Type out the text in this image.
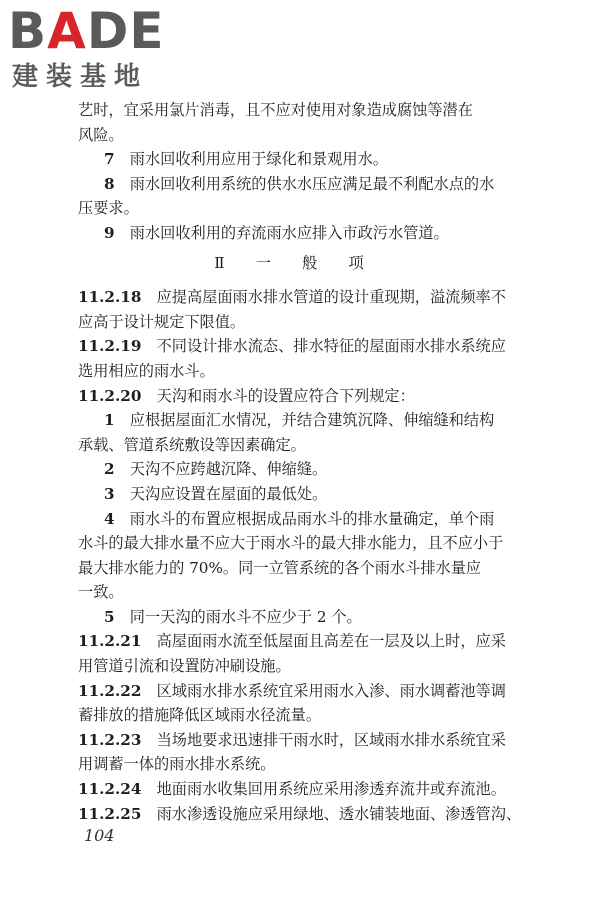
BADE
建装基地
艺时，宜采用氯片消毒，且不应对使用对象造成腐蚀等潜在
风险。
7  雨水回收利用应用于绿化和景观用水。
8  雨水回收利用系统的供水水压应满足最不利配水点的水
压要求。
9  雨水回收利用的弃流雨水应排入市政污水管道。
Ⅱ　一　般　项
11.2.18  应提高屋面雨水排水管道的设计重现期，溢流频率不
应高于设计规定下限值。
11.2.19  不同设计排水流态、排水特征的屋面雨水排水系统应
选用相应的雨水斗。
11.2.20  天沟和雨水斗的设置应符合下列规定：
1  应根据屋面汇水情况，并结合建筑沉降、伸缩缝和结构
承载、管道系统敷设等因素确定。
2  天沟不应跨越沉降、伸缩缝。
3  天沟应设置在屋面的最低处。
4  雨水斗的布置应根据成品雨水斗的排水量确定，单个雨
水斗的最大排水量不应大于雨水斗的最大排水能力，且不应小于
最大排水能力的 70%。同一立管系统的各个雨水斗排水量应
一致。
5  同一天沟的雨水斗不应少于 2 个。
11.2.21  高屋面雨水流至低屋面且高差在一层及以上时，应采
用管道引流和设置防冲刷设施。
11.2.22  区域雨水排水系统宜采用雨水入渗、雨水调蓄池等调
蓄排放的措施降低区域雨水径流量。
11.2.23  当场地要求迅速排干雨水时，区域雨水排水系统宜采
用调蓄一体的雨水排水系统。
11.2.24  地面雨水收集回用系统应采用渗透弃流井或弃流池。
11.2.25  雨水渗透设施应采用绿地、透水铺装地面、渗透管沟、
104
